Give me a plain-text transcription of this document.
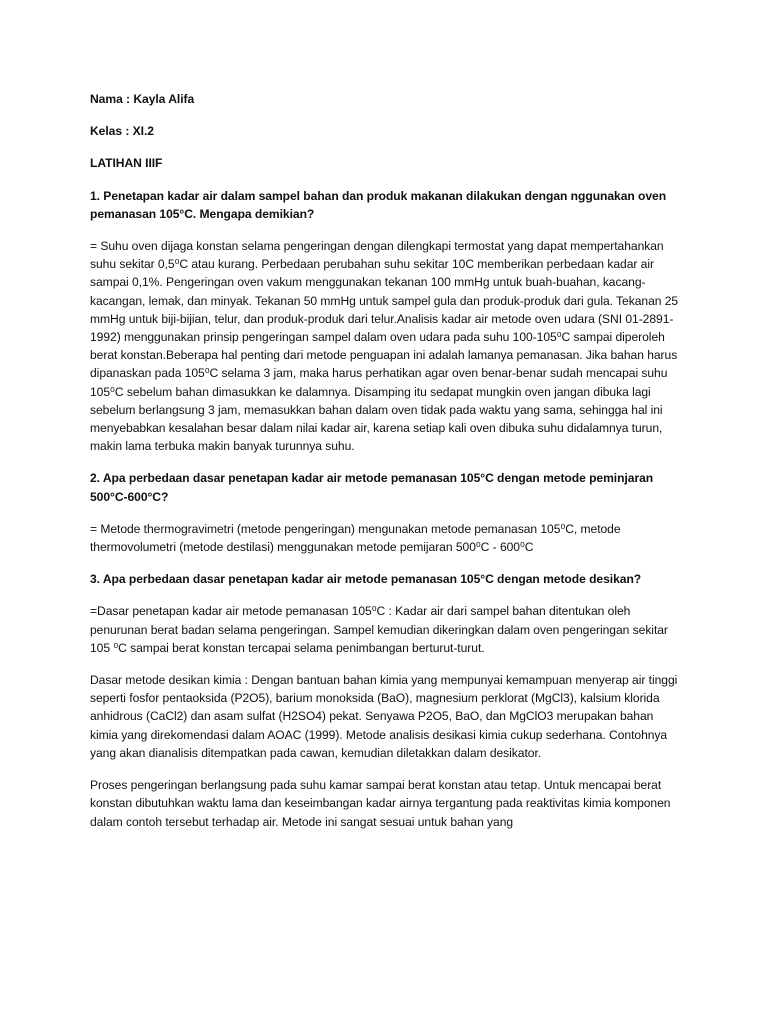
Nama : Kayla Alifa

Kelas : XI.2

LATIHAN IIIF

1. Penetapan kadar air dalam sampel bahan dan produk makanan dilakukan dengan nggunakan oven pemanasan 105°C. Mengapa demikian?

= Suhu oven dijaga konstan selama pengeringan dengan dilengkapi termostat yang dapat mempertahankan suhu sekitar 0,5⁰C atau kurang. Perbedaan perubahan suhu sekitar 10C memberikan perbedaan kadar air sampai 0,1%. Pengeringan oven vakum menggunakan tekanan 100 mmHg untuk buah-buahan, kacang-kacangan, lemak, dan minyak. Tekanan 50 mmHg untuk sampel gula dan produk-produk dari gula. Tekanan 25 mmHg untuk biji-bijian, telur, dan produk-produk dari telur.Analisis kadar air metode oven udara (SNI 01-2891-1992) menggunakan prinsip pengeringan sampel dalam oven udara pada suhu 100-105⁰C sampai diperoleh berat konstan.Beberapa hal penting dari metode penguapan ini adalah lamanya pemanasan. Jika bahan harus dipanaskan pada 105⁰C selama 3 jam, maka harus perhatikan agar oven benar-benar sudah mencapai suhu 105⁰C sebelum bahan dimasukkan ke dalamnya. Disamping itu sedapat mungkin oven jangan dibuka lagi sebelum berlangsung 3 jam, memasukkan bahan dalam oven tidak pada waktu yang sama, sehingga hal ini menyebabkan kesalahan besar dalam nilai kadar air, karena setiap kali oven dibuka suhu didalamnya turun, makin lama terbuka makin banyak turunnya suhu.

2. Apa perbedaan dasar penetapan kadar air metode pemanasan 105°C dengan metode peminjaran 500°C-600°C?

= Metode thermogravimetri (metode pengeringan) mengunakan metode pemanasan 105⁰C, metode thermovolumetri (metode destilasi) menggunakan metode pemijaran 500⁰C - 600⁰C

3. Apa perbedaan dasar penetapan kadar air metode pemanasan 105°C dengan metode desikan?

=Dasar penetapan kadar air metode pemanasan 105⁰C : Kadar air dari sampel bahan ditentukan oleh penurunan berat badan selama pengeringan. Sampel kemudian dikeringkan dalam oven pengeringan sekitar 105 ⁰C sampai berat konstan tercapai selama penimbangan berturut-turut.

Dasar metode desikan kimia : Dengan bantuan bahan kimia yang mempunyai kemampuan menyerap air tinggi seperti fosfor pentaoksida (P2O5), barium monoksida (BaO), magnesium perklorat (MgCl3), kalsium klorida anhidrous (CaCl2) dan asam sulfat (H2SO4) pekat. Senyawa P2O5, BaO, dan MgClO3 merupakan bahan kimia yang direkomendasi dalam AOAC (1999). Metode analisis desikasi kimia cukup sederhana. Contohnya yang akan dianalisis ditempatkan pada cawan, kemudian diletakkan dalam desikator.

Proses pengeringan berlangsung pada suhu kamar sampai berat konstan atau tetap. Untuk mencapai berat konstan dibutuhkan waktu lama dan keseimbangan kadar airnya tergantung pada reaktivitas kimia komponen dalam contoh tersebut terhadap air. Metode ini sangat sesuai untuk bahan yang
